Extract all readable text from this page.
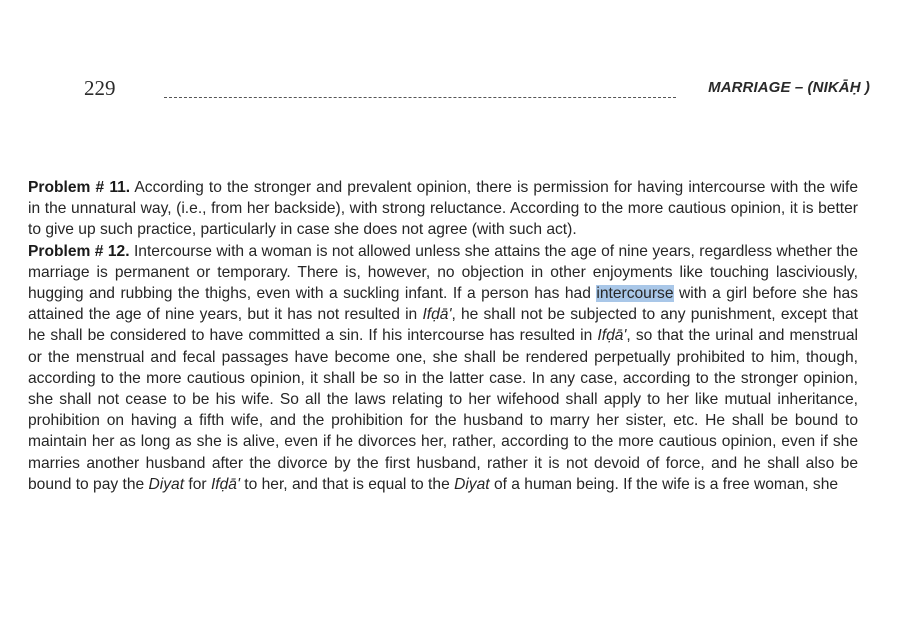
229	MARRIAGE – (NIKĀḤ )

Problem # 11. According to the stronger and prevalent opinion, there is permission for having intercourse with the wife in the unnatural way, (i.e., from her backside), with strong reluctance. According to the more cautious opinion, it is better to give up such practice, particularly in case she does not agree (with such act).

Problem # 12. Intercourse with a woman is not allowed unless she attains the age of nine years, regardless whether the marriage is permanent or temporary. There is, however, no objection in other enjoyments like touching lasciviously, hugging and rubbing the thighs, even with a suckling infant. If a person has had intercourse with a girl before she has attained the age of nine years, but it has not resulted in Ifḍā', he shall not be subjected to any punishment, except that he shall be considered to have committed a sin. If his intercourse has resulted in Ifḍā', so that the urinal and menstrual or the menstrual and fecal passages have become one, she shall be rendered perpetually prohibited to him, though, according to the more cautious opinion, it shall be so in the latter case. In any case, according to the stronger opinion, she shall not cease to be his wife. So all the laws relating to her wifehood shall apply to her like mutual inheritance, prohibition on having a fifth wife, and the prohibition for the husband to marry her sister, etc. He shall be bound to maintain her as long as she is alive, even if he divorces her, rather, according to the more cautious opinion, even if she marries another husband after the divorce by the first husband, rather it is not devoid of force, and he shall also be bound to pay the Diyat for Ifḍā' to her, and that is equal to the Diyat of a human being. If the wife is a free woman, she
